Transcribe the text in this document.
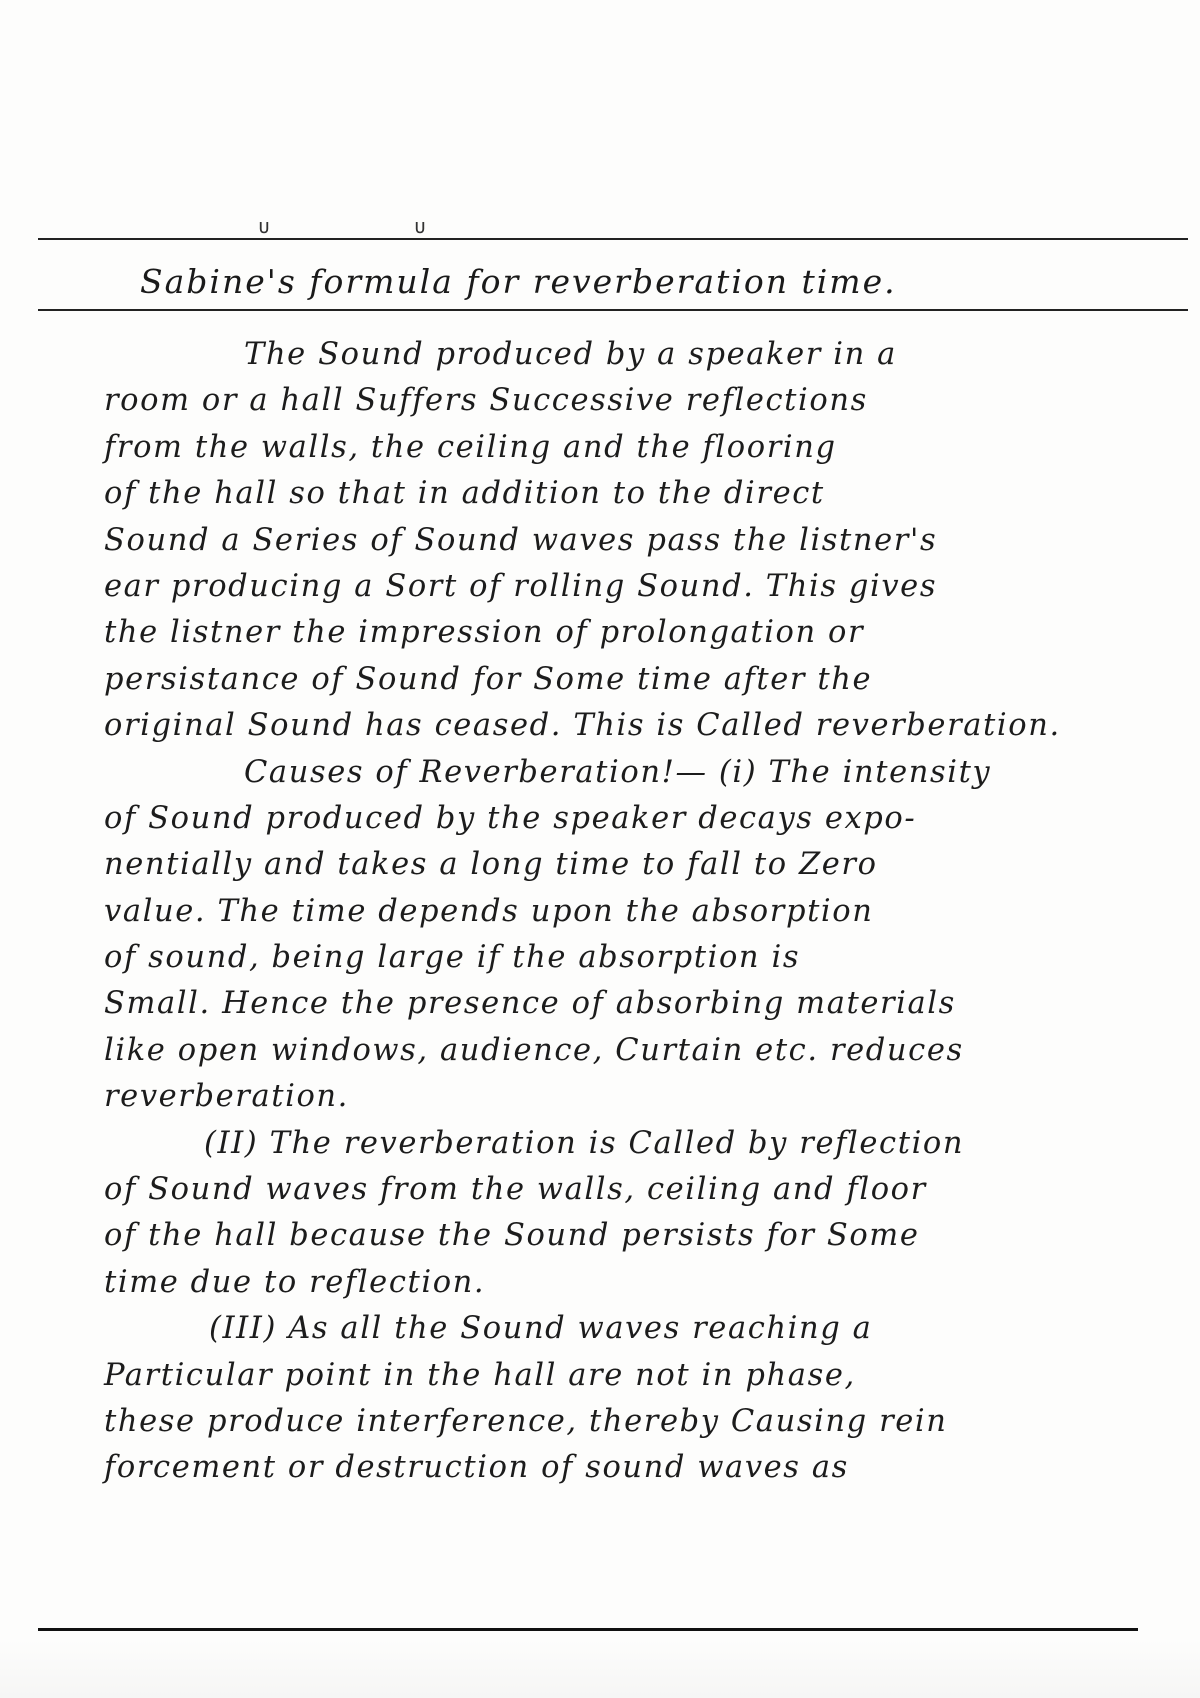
ᴜ	ᴜ
Sabine's formula for reverberation time.
The Sound produced by a speaker in a
room or a hall Suffers Successive reflections
from the walls, the ceiling and the flooring
of the hall so that in addition to the direct
Sound a Series of Sound waves pass the listner's
ear producing a Sort of rolling Sound. This gives
the listner the impression of prolongation or
persistance of Sound for Some time after the
original Sound has ceased. This is Called reverberation.
Causes of Reverberation!— (i) The intensity
of Sound produced by the speaker decays expo-
nentially and takes a long time to fall to Zero
value. The time depends upon the absorption
of sound, being large if the absorption is
Small. Hence the presence of absorbing materials
like open windows, audience, Curtain etc. reduces
reverberation.
(II) The reverberation is Called by reflection
of Sound waves from the walls, ceiling and floor
of the hall because the Sound persists for Some
time due to reflection.
(III) As all the Sound waves reaching a
Particular point in the hall are not in phase,
these produce interference, thereby Causing rein
forcement or destruction of sound waves as
